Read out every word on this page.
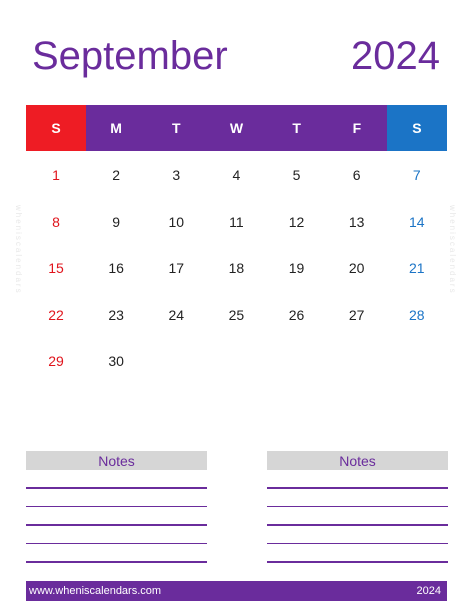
September	2024
S	M	T	W	T	F	S
1	2	3	4	5	6	7
8	9	10	11	12	13	14
15	16	17	18	19	20	21
22	23	24	25	26	27	28
29	30
wheniscalendars	wheniscalendars
Notes	Notes
www.wheniscalendars.com	2024
